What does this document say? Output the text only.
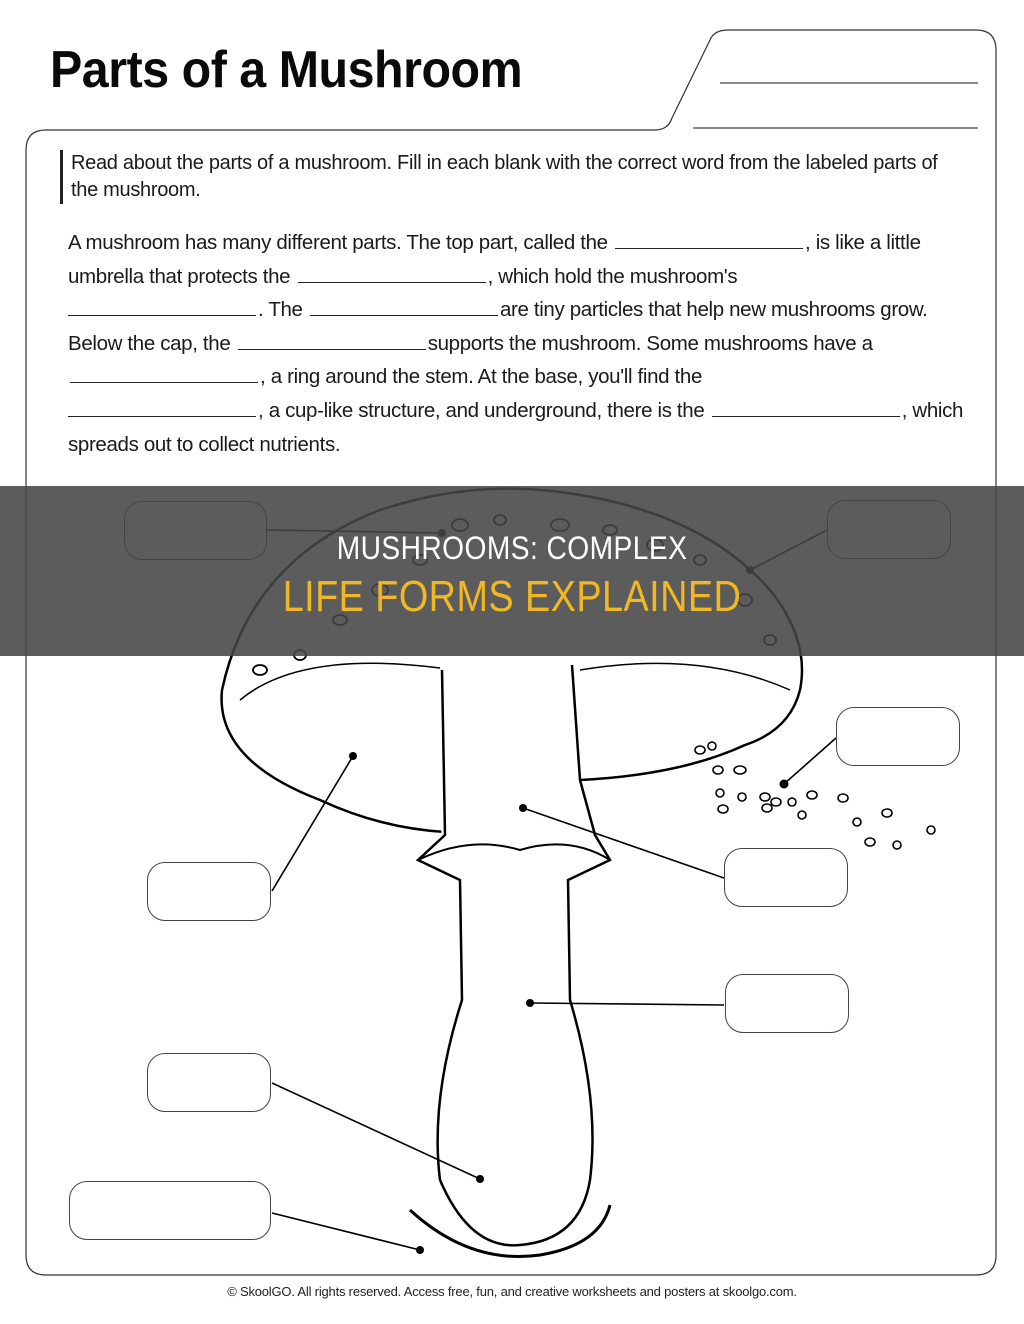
Parts of a Mushroom
Read about the parts of a mushroom. Fill in each blank with the correct word from the labeled parts of the mushroom.
A mushroom has many different parts. The top part, called the	, is like a little umbrella that protects the	, which hold the mushroom's
. The	are tiny particles that help new mushrooms grow. Below the cap, the	supports the mushroom. Some mushrooms have a , a ring around the stem. At the base, you'll find the
, a cup-like structure, and underground, there is the	, which spreads out to collect nutrients.
MUSHROOMS: COMPLEX
LIFE FORMS EXPLAINED
© SkoolGO. All rights reserved. Access free, fun, and creative worksheets and posters at skoolgo.com.
